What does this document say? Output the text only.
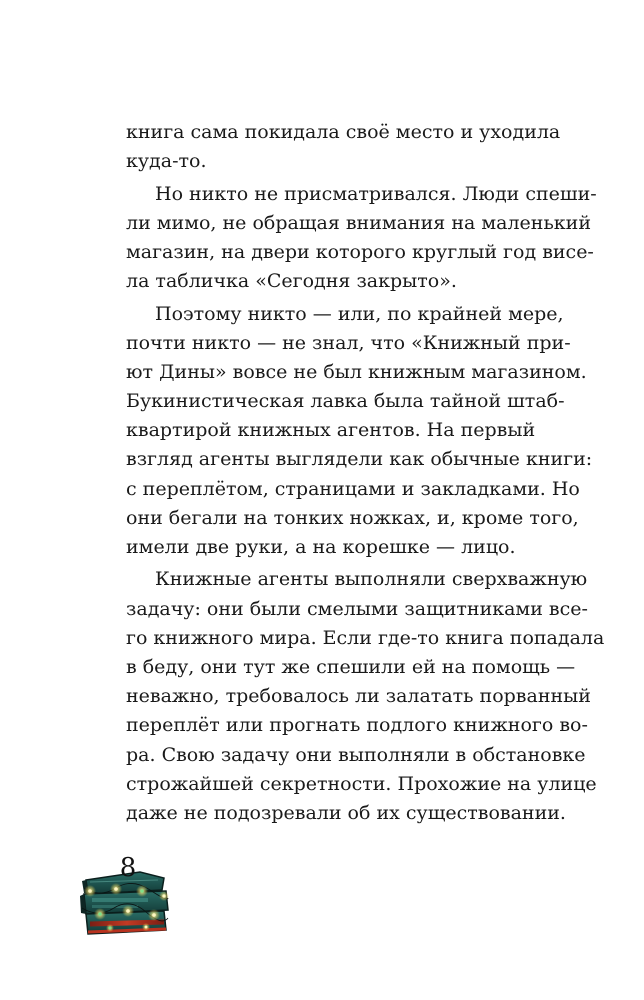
книга сама покидала своё место и уходила
куда-то.
Но никто не присматривался. Люди спеши-
ли мимо, не обращая внимания на маленький
магазин, на двери которого круглый год висе-
ла табличка «Сегодня закрыто».
Поэтому никто — или, по крайней мере,
почти никто — не знал, что «Книжный при-
ют Дины» вовсе не был книжным магазином.
Букинистическая лавка была тайной штаб-
квартирой книжных агентов. На первый
взгляд агенты выглядели как обычные книги:
с переплётом, страницами и закладками. Но
они бегали на тонких ножках, и, кроме того,
имели две руки, а на корешке — лицо.
Книжные агенты выполняли сверхважную
задачу: они были смелыми защитниками все-
го книжного мира. Если где-то книга попадала
в беду, они тут же спешили ей на помощь —
неважно, требовалось ли залатать порванный
переплёт или прогнать подлого книжного во-
ра. Свою задачу они выполняли в обстановке
строжайшей секретности. Прохожие на улице
даже не подозревали об их существовании.
8
